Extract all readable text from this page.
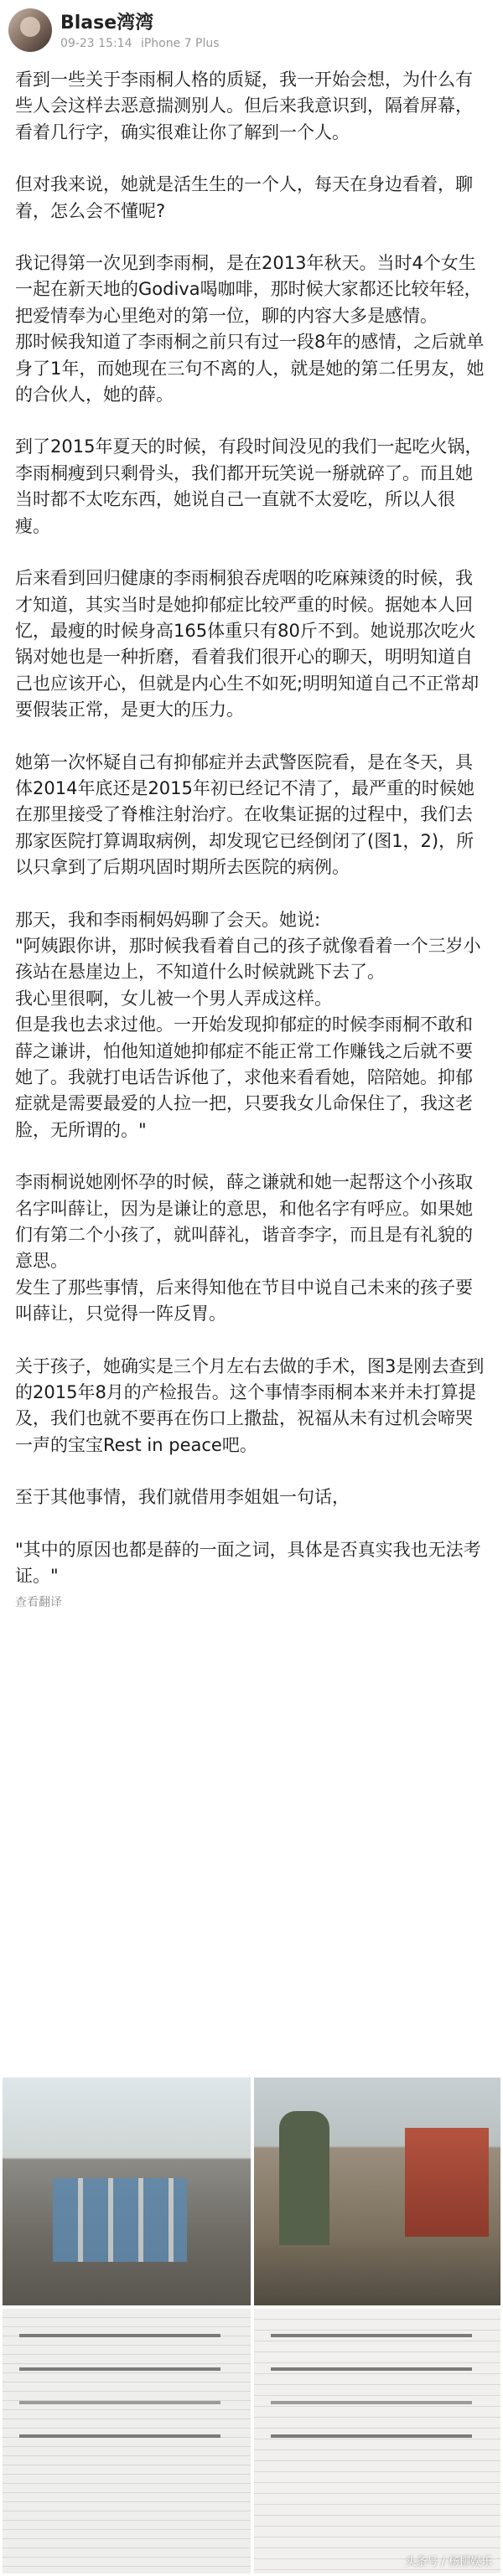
Blase湾湾
09-23 15:14 iPhone 7 Plus

看到一些关于李雨桐人格的质疑，我一开始会想，为什么有些人会这样去恶意揣测别人。但后来我意识到，隔着屏幕，看着几行字，确实很难让你了解到一个人。

但对我来说，她就是活生生的一个人，每天在身边看着，聊着，怎么会不懂呢?

我记得第一次见到李雨桐，是在2013年秋天。当时4个女生一起在新天地的Godiva喝咖啡，那时候大家都还比较年轻，把爱情奉为心里绝对的第一位，聊的内容大多是感情。
那时候我知道了李雨桐之前只有过一段8年的感情，之后就单身了1年，而她现在三句不离的人，就是她的第二任男友，她的合伙人，她的薛。

到了2015年夏天的时候，有段时间没见的我们一起吃火锅，李雨桐瘦到只剩骨头，我们都开玩笑说一掰就碎了。而且她当时都不太吃东西，她说自己一直就不太爱吃，所以人很瘦。

后来看到回归健康的李雨桐狼吞虎咽的吃麻辣烫的时候，我才知道，其实当时是她抑郁症比较严重的时候。据她本人回忆，最瘦的时候身高165体重只有80斤不到。她说那次吃火锅对她也是一种折磨，看着我们很开心的聊天，明明知道自己也应该开心，但就是内心生不如死;明明知道自己不正常却要假装正常，是更大的压力。

她第一次怀疑自己有抑郁症并去武警医院看，是在冬天，具体2014年底还是2015年初已经记不清了，最严重的时候她在那里接受了脊椎注射治疗。在收集证据的过程中，我们去那家医院打算调取病例，却发现它已经倒闭了(图1，2)，所以只拿到了后期巩固时期所去医院的病例。

那天，我和李雨桐妈妈聊了会天。她说:
"阿姨跟你讲，那时候我看着自己的孩子就像看着一个三岁小孩站在悬崖边上，不知道什么时候就跳下去了。
我心里很啊，女儿被一个男人弄成这样。
但是我也去求过他。一开始发现抑郁症的时候李雨桐不敢和薛之谦讲，怕他知道她抑郁症不能正常工作赚钱之后就不要她了。我就打电话告诉他了，求他来看看她，陪陪她。抑郁症就是需要最爱的人拉一把，只要我女儿命保住了，我这老脸，无所谓的。"

李雨桐说她刚怀孕的时候，薛之谦就和她一起帮这个小孩取名字叫薛让，因为是谦让的意思，和他名字有呼应。如果她们有第二个小孩了，就叫薛礼，谐音李字，而且是有礼貌的意思。
发生了那些事情，后来得知他在节目中说自己未来的孩子要叫薛让，只觉得一阵反胃。

关于孩子，她确实是三个月左右去做的手术，图3是刚去查到的2015年8月的产检报告。这个事情李雨桐本来并未打算提及，我们也就不要再在伤口上撒盐，祝福从未有过机会啼哭一声的宝宝Rest in peace吧。

至于其他事情，我们就借用李姐姐一句话，

"其中的原因也都是薛的一面之词，具体是否真实我也无法考证。"

查看翻译
头条号 / 杨柳娱乐
